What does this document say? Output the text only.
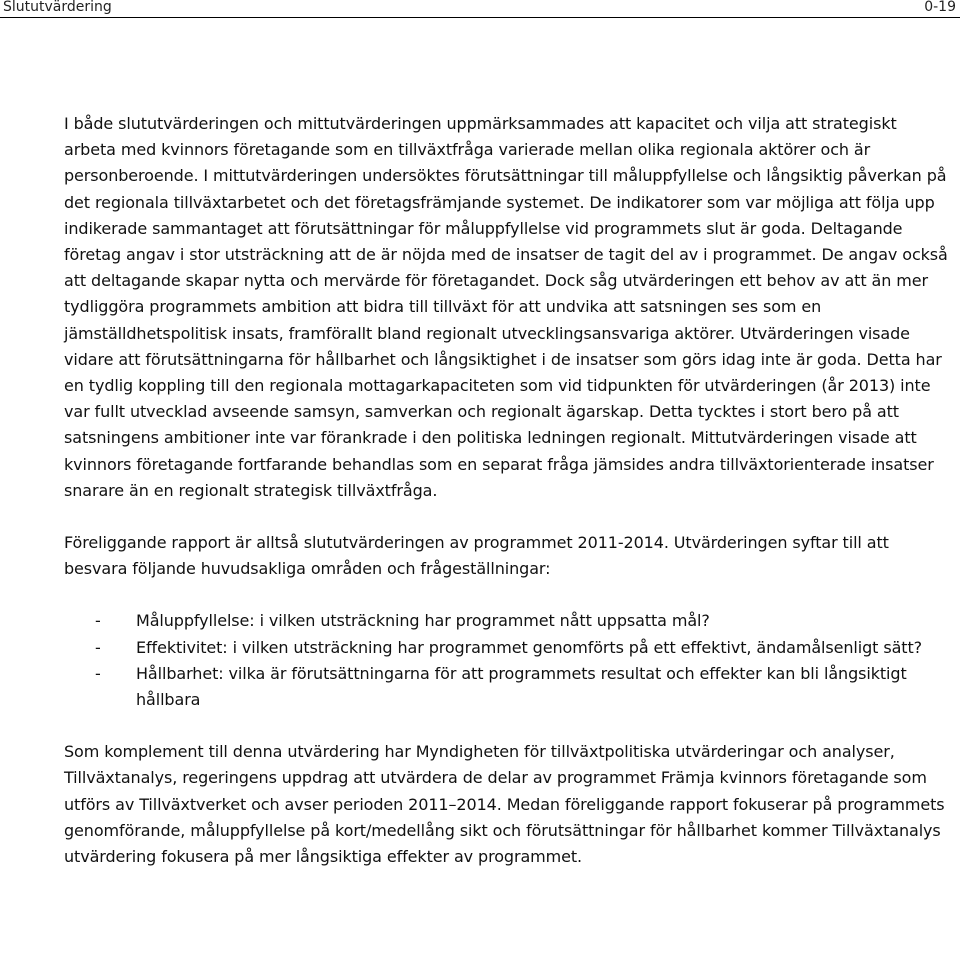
Slututvärdering	0-19

I både slututvärderingen och mittutvärderingen uppmärksammades att kapacitet och vilja att strategiskt arbeta med kvinnors företagande som en tillväxtfråga varierade mellan olika regionala aktörer och är personberoende. I mittutvärderingen undersöktes förutsättningar till måluppfyllelse och långsiktig påverkan på det regionala tillväxtarbetet och det företagsfrämjande systemet. De indikatorer som var möjliga att följa upp indikerade sammantaget att förutsättningar för måluppfyllelse vid programmets slut är goda. Deltagande företag angav i stor utsträckning att de är nöjda med de insatser de tagit del av i programmet. De angav också att deltagande skapar nytta och mervärde för företagandet. Dock såg utvärderingen ett behov av att än mer tydliggöra programmets ambition att bidra till tillväxt för att undvika att satsningen ses som en jämställdhetspolitisk insats, framförallt bland regionalt utvecklingsansvariga aktörer. Utvärderingen visade vidare att förutsättningarna för hållbarhet och långsiktighet i de insatser som görs idag inte är goda. Detta har en tydlig koppling till den regionala mottagarkapaciteten som vid tidpunkten för utvärderingen (år 2013) inte var fullt utvecklad avseende samsyn, samverkan och regionalt ägarskap. Detta tycktes i stort bero på att satsningens ambitioner inte var förankrade i den politiska ledningen regionalt. Mittutvärderingen visade att kvinnors företagande fortfarande behandlas som en separat fråga jämsides andra tillväxtorienterade insatser snarare än en regionalt strategisk tillväxtfråga.

Föreliggande rapport är alltså slututvärderingen av programmet 2011-2014. Utvärderingen syftar till att besvara följande huvudsakliga områden och frågeställningar:

- Måluppfyllelse: i vilken utsträckning har programmet nått uppsatta mål?
- Effektivitet: i vilken utsträckning har programmet genomförts på ett effektivt, ändamålsenligt sätt?
- Hållbarhet: vilka är förutsättningarna för att programmets resultat och effekter kan bli långsiktigt hållbara

Som komplement till denna utvärdering har Myndigheten för tillväxtpolitiska utvärderingar och analyser, Tillväxtanalys, regeringens uppdrag att utvärdera de delar av programmet Främja kvinnors företagande som utförs av Tillväxtverket och avser perioden 2011–2014. Medan föreliggande rapport fokuserar på programmets genomförande, måluppfyllelse på kort/medellång sikt och förutsättningar för hållbarhet kommer Tillväxtanalys utvärdering fokusera på mer långsiktiga effekter av programmet.
